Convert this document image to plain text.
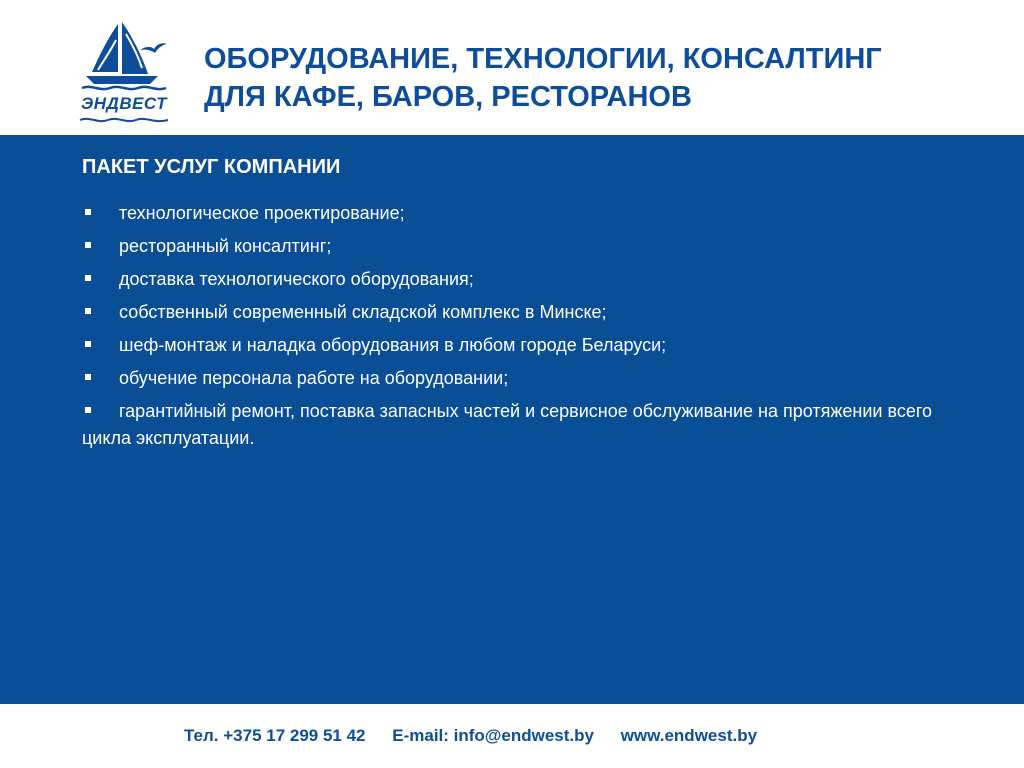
ЭНДВЕСТ
ОБОРУДОВАНИЕ, ТЕХНОЛОГИИ, КОНСАЛТИНГ
ДЛЯ КАФЕ, БАРОВ, РЕСТОРАНОВ
ПАКЕТ УСЛУГ КОМПАНИИ
технологическое проектирование;
ресторанный консалтинг;
доставка технологического оборудования;
собственный современный складской комплекс в Минске;
шеф-монтаж и наладка оборудования в любом городе Беларуси;
обучение персонала работе на оборудовании;
гарантийный ремонт, поставка запасных частей и сервисное обслуживание на протяжении всего цикла эксплуатации.
Тел. +375 17 299 51 42 E-mail: info@endwest.by www.endwest.by
